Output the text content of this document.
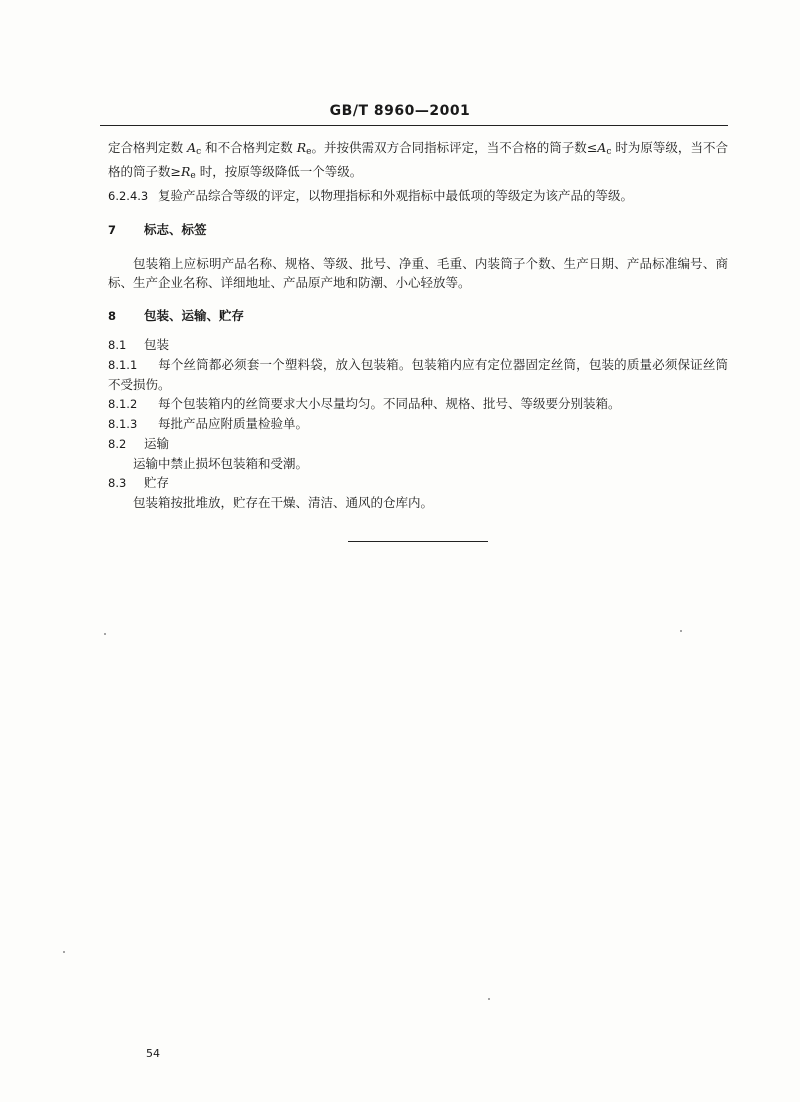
GB/T 8960—2001

定合格判定数 $A_c$ 和不合格判定数 $R_e$。并按供需双方合同指标评定，当不合格的筒子数$\le A_c$ 时为原等级，当不合格的筒子数$\ge R_e$ 时，按原等级降低一个等级。

6.2.4.3 复验产品综合等级的评定，以物理指标和外观指标中最低项的等级定为该产品的等级。

7 标志、标签

包装箱上应标明产品名称、规格、等级、批号、净重、毛重、内装筒子个数、生产日期、产品标准编号、商标、生产企业名称、详细地址、产品原产地和防潮、小心轻放等。

8 包装、运输、贮存

8.1 包装

8.1.1 每个丝筒都必须套一个塑料袋，放入包装箱。包装箱内应有定位器固定丝筒，包装的质量必须保证丝筒不受损伤。

8.1.2 每个包装箱内的丝筒要求大小尽量均匀。不同品种、规格、批号、等级要分别装箱。

8.1.3 每批产品应附质量检验单。

8.2 运输

运输中禁止损坏包装箱和受潮。

8.3 贮存

包装箱按批堆放，贮存在干燥、清洁、通风的仓库内。

54
